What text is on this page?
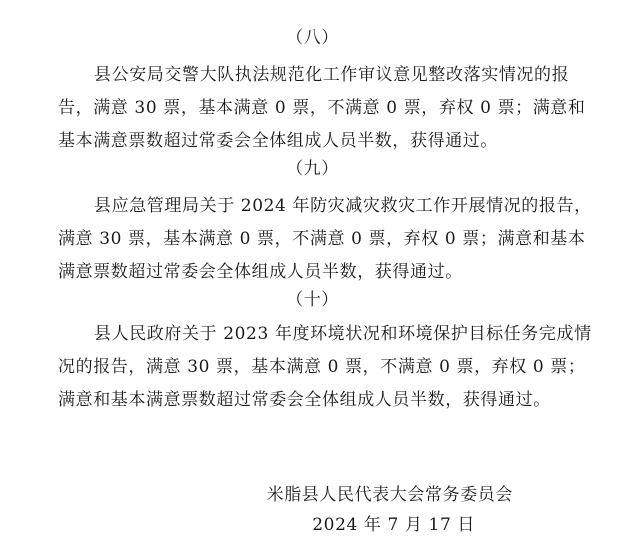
（八）
县公安局交警大队执法规范化工作审议意见整改落实情况的报
告，满意 30 票，基本满意 0 票，不满意 0 票，弃权 0 票；满意和
基本满意票数超过常委会全体组成人员半数，获得通过。
（九）
县应急管理局关于 2024 年防灾减灾救灾工作开展情况的报告，
满意 30 票，基本满意 0 票，不满意 0 票，弃权 0 票；满意和基本
满意票数超过常委会全体组成人员半数，获得通过。
（十）
县人民政府关于 2023 年度环境状况和环境保护目标任务完成情
况的报告，满意 30 票，基本满意 0 票，不满意 0 票，弃权 0 票；
满意和基本满意票数超过常委会全体组成人员半数，获得通过。
米脂县人民代表大会常务委员会
2024 年 7 月 17 日
